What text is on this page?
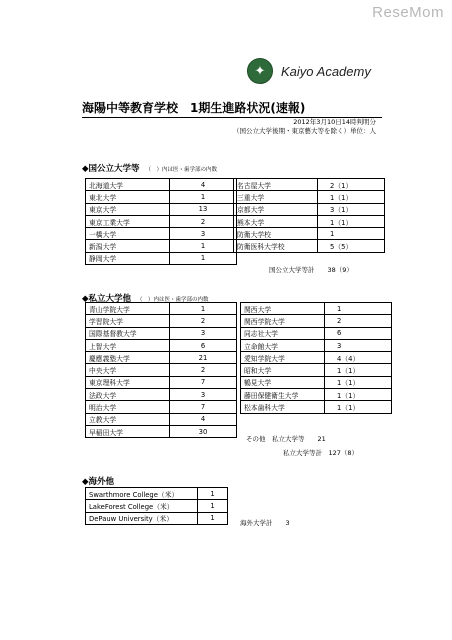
ReseMom
✦	Kaiyo Academy
海陽中等教育学校　1期生進路状況(速報)
2012年3月10日14時判明分
（国公立大学後期・東京藝大等を除く）単位：人
◆国公立大学等 （　）内は医・歯学部の内数
北海道大学	4
東北大学	1
東京大学	13
東京工業大学	2
一橋大学	3
新潟大学	1
静岡大学	1
名古屋大学	2（1）
三重大学	1（1）
京都大学	3（1）
熊本大学	1（1）
防衛大学校	1
防衛医科大学校	5（5）
国公立大学等計　　38（9）
◆私立大学他 （　）内は医・歯学部の内数
青山学院大学	1
学習院大学	2
国際基督教大学	3
上智大学	6
慶應義塾大学	21
中央大学	2
東京理科大学	7
法政大学	3
明治大学	7
立教大学	4
早稲田大学	30
関西大学	1
関西学院大学	2
同志社大学	6
立命館大学	3
愛知学院大学	4（4）
昭和大学	1（1）
鶴見大学	1（1）
藤田保健衛生大学	1（1）
松本歯科大学	1（1）
その他　私立大学等　　21
私立大学等計　127（8）
◆海外他
Swarthmore College（米）	1
LakeForest College（米）	1
DePauw University（米）	1
海外大学計　　3
